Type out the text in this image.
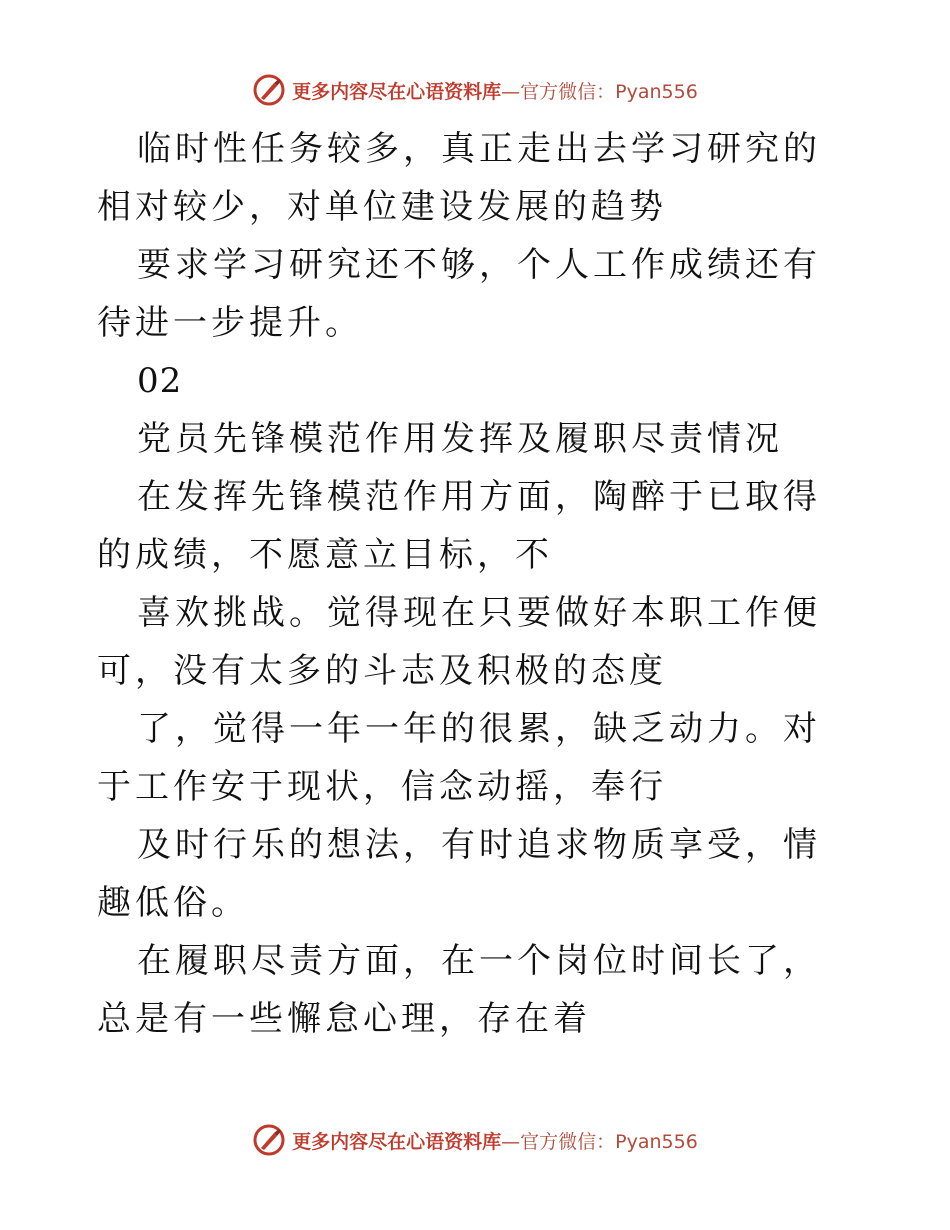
更多内容尽在心语资料库—官方微信：Pyan556

临时性任务较多，真正走出去学习研究的相对较少，对单位建设发展的趋势

要求学习研究还不够，个人工作成绩还有待进一步提升。

02

党员先锋模范作用发挥及履职尽责情况

在发挥先锋模范作用方面，陶醉于已取得的成绩，不愿意立目标，不

喜欢挑战。觉得现在只要做好本职工作便可，没有太多的斗志及积极的态度

了，觉得一年一年的很累，缺乏动力。对于工作安于现状，信念动摇，奉行

及时行乐的想法，有时追求物质享受，情趣低俗。

在履职尽责方面，在一个岗位时间长了，总是有一些懈怠心理，存在着

更多内容尽在心语资料库—官方微信：Pyan556
